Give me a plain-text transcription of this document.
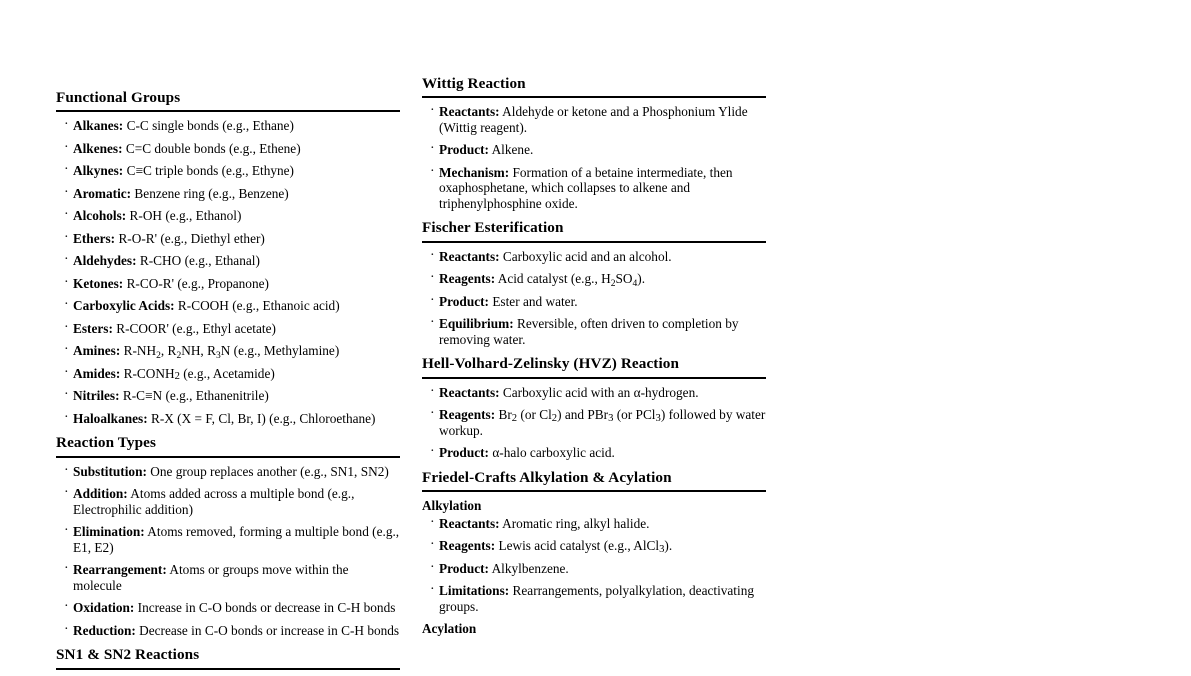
Functional Groups
· Alkanes: C-C single bonds (e.g., Ethane)
· Alkenes: C=C double bonds (e.g., Ethene)
· Alkynes: C≡C triple bonds (e.g., Ethyne)
· Aromatic: Benzene ring (e.g., Benzene)
· Alcohols: R-OH (e.g., Ethanol)
· Ethers: R-O-R' (e.g., Diethyl ether)
· Aldehydes: R-CHO (e.g., Ethanal)
· Ketones: R-CO-R' (e.g., Propanone)
· Carboxylic Acids: R-COOH (e.g., Ethanoic acid)
· Esters: R-COOR' (e.g., Ethyl acetate)
· Amines: $R-NH_2$, $R_2NH$, $R_3N$ (e.g., Methylamine)
· Amides: $R-CONH_2$ (e.g., Acetamide)
· Nitriles: R-C≡N (e.g., Ethanenitrile)
· Haloalkanes: R-X (X = F, Cl, Br, I) (e.g., Chloroethane)
Reaction Types
· Substitution: One group replaces another (e.g., SN1, SN2)
· Addition: Atoms added across a multiple bond (e.g., Electrophilic addition)
· Elimination: Atoms removed, forming a multiple bond (e.g., E1, E2)
· Rearrangement: Atoms or groups move within the molecule
· Oxidation: Increase in C-O bonds or decrease in C-H bonds
· Reduction: Decrease in C-O bonds or increase in C-H bonds
SN1 & SN2 Reactions
Wittig Reaction
· Reactants: Aldehyde or ketone and a Phosphonium Ylide (Wittig reagent).
· Product: Alkene.
· Mechanism: Formation of a betaine intermediate, then oxaphosphetane, which collapses to alkene and triphenylphosphine oxide.
Fischer Esterification
· Reactants: Carboxylic acid and an alcohol.
· Reagents: Acid catalyst (e.g., $H_2SO_4$).
· Product: Ester and water.
· Equilibrium: Reversible, often driven to completion by removing water.
Hell-Volhard-Zelinsky (HVZ) Reaction
· Reactants: Carboxylic acid with an α-hydrogen.
· Reagents: $Br_2$ (or $Cl_2$) and PBr$_3$ (or PCl$_3$) followed by water workup.
· Product: α-halo carboxylic acid.
Friedel-Crafts Alkylation & Acylation
Alkylation
· Reactants: Aromatic ring, alkyl halide.
· Reagents: Lewis acid catalyst (e.g., AlCl$_3$).
· Product: Alkylbenzene.
· Limitations: Rearrangements, polyalkylation, deactivating groups.
Acylation
